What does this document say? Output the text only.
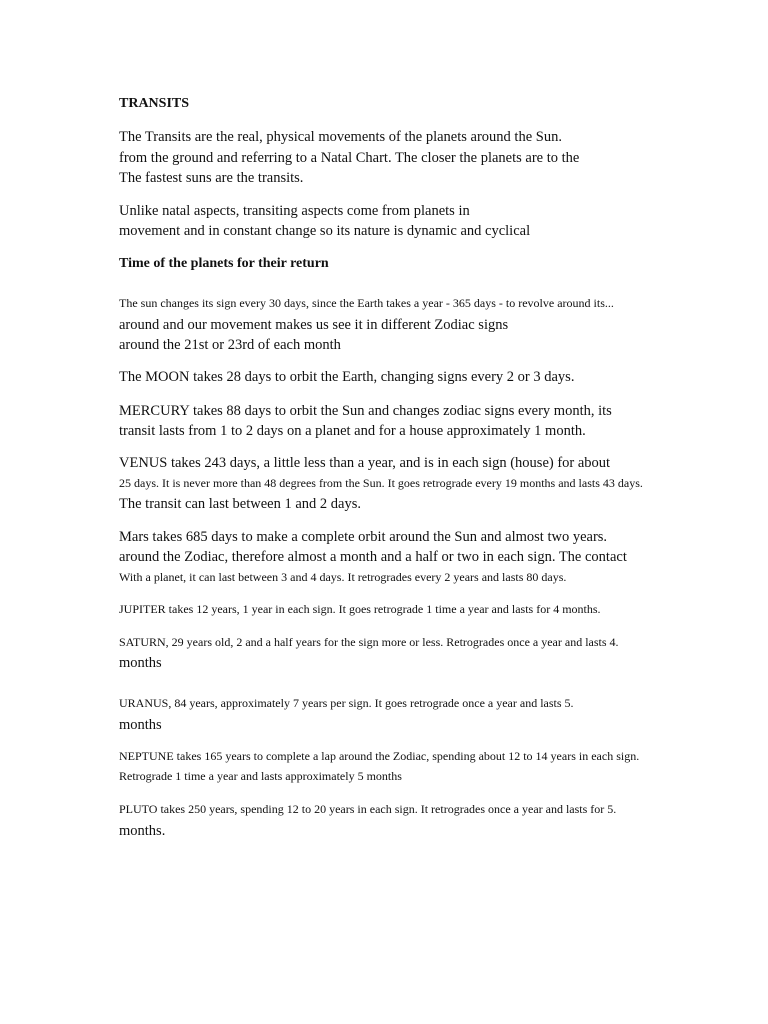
TRANSITS
The Transits are the real, physical movements of the planets around the Sun.
from the ground and referring to a Natal Chart. The closer the planets are to the
The fastest suns are the transits.
Unlike natal aspects, transiting aspects come from planets in
movement and in constant change so its nature is dynamic and cyclical
Time of the planets for their return
The sun changes its sign every 30 days, since the Earth takes a year - 365 days - to revolve around its...
around and our movement makes us see it in different Zodiac signs
around the 21st or 23rd of each month
The MOON takes 28 days to orbit the Earth, changing signs every 2 or 3 days.
MERCURY takes 88 days to orbit the Sun and changes zodiac signs every month, its
transit lasts from 1 to 2 days on a planet and for a house approximately 1 month.
VENUS takes 243 days, a little less than a year, and is in each sign (house) for about
25 days. It is never more than 48 degrees from the Sun. It goes retrograde every 19 months and lasts 43 days.
The transit can last between 1 and 2 days.
Mars takes 685 days to make a complete orbit around the Sun and almost two years.
around the Zodiac, therefore almost a month and a half or two in each sign. The contact
With a planet, it can last between 3 and 4 days. It retrogrades every 2 years and lasts 80 days.
JUPITER takes 12 years, 1 year in each sign. It goes retrograde 1 time a year and lasts for 4 months.
SATURN, 29 years old, 2 and a half years for the sign more or less. Retrogrades once a year and lasts 4.
months
URANUS, 84 years, approximately 7 years per sign. It goes retrograde once a year and lasts 5.
months
NEPTUNE takes 165 years to complete a lap around the Zodiac, spending about 12 to 14 years in each sign.
Retrograde 1 time a year and lasts approximately 5 months
PLUTO takes 250 years, spending 12 to 20 years in each sign. It retrogrades once a year and lasts for 5.
months.
